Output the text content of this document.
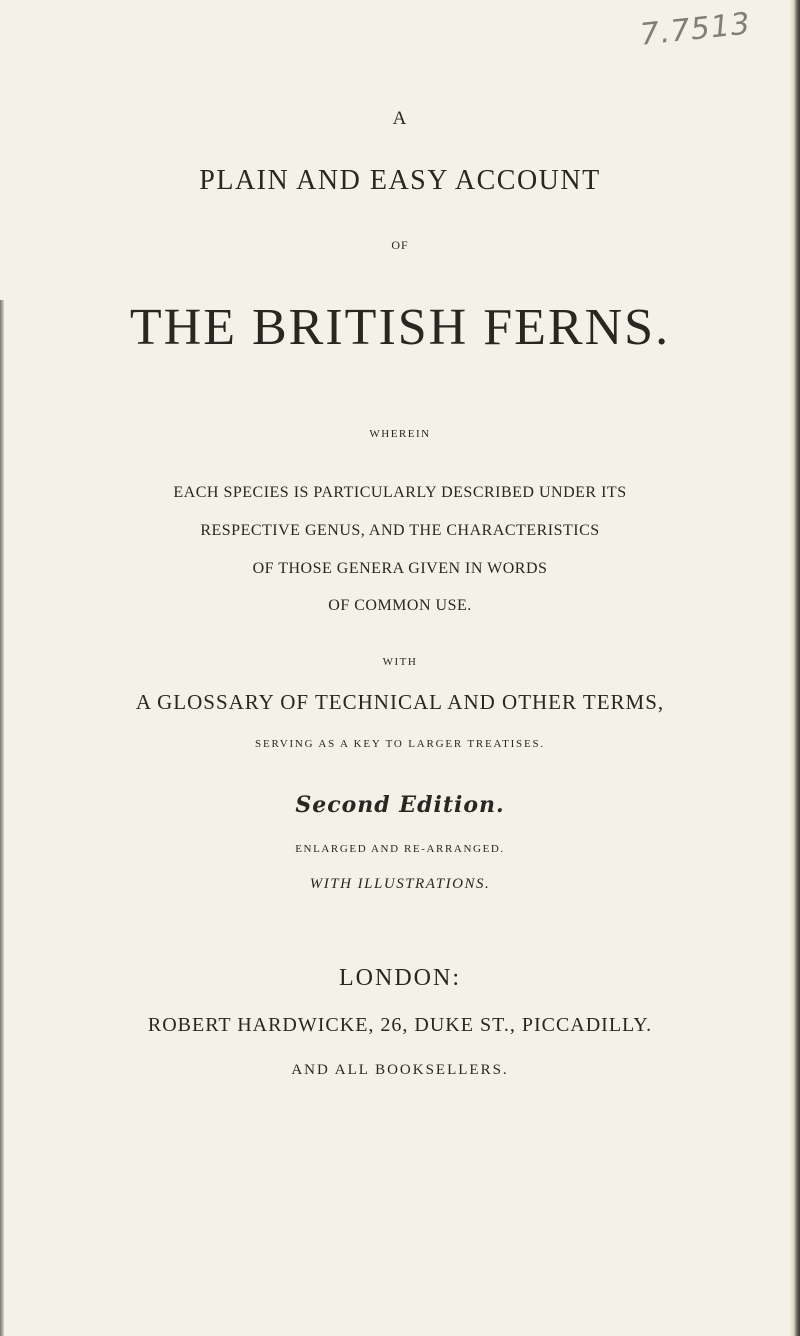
7.7513
A
PLAIN AND EASY ACCOUNT
OF
THE BRITISH FERNS.
WHEREIN
EACH SPECIES IS PARTICULARLY DESCRIBED UNDER ITS
RESPECTIVE GENUS, AND THE CHARACTERISTICS
OF THOSE GENERA GIVEN IN WORDS
OF COMMON USE.
WITH
A GLOSSARY OF TECHNICAL AND OTHER TERMS,
SERVING AS A KEY TO LARGER TREATISES.
Second Edition.
ENLARGED AND RE-ARRANGED.
WITH ILLUSTRATIONS.
LONDON:
ROBERT HARDWICKE, 26, DUKE ST., PICCADILLY.
AND ALL BOOKSELLERS.
